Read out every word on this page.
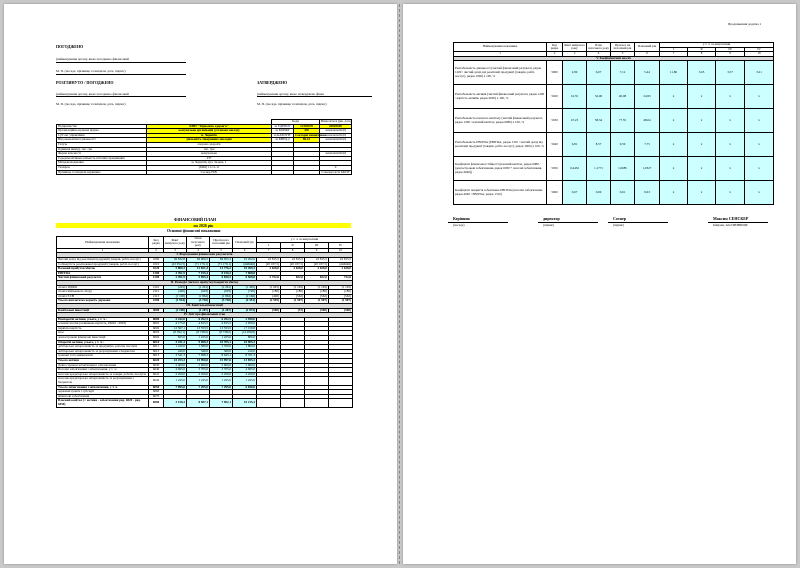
ПОГОДЖЕНО
(найменування органу, якою погоджено фінансовий
М. П. (посада, прізвище та ініціали, дата, підпис)
РОЗГЛЯНУТО / ПОГОДЖЕНО
(найменування органу, якою погоджено фінансовий
М. П. (посада, прізвище та ініціали, дата, підпис)
ЗАТВЕРДЖЕНО
(найменування органу, якою затверджено фінан
М. П. (посада, прізвище та ініціали, дата, підпис)
		Коди		Виноситься (рік, дата)
Підприємство	КНП "Тернопіль здоров'я"	за ЄДРПОУ	12345678	########
Організаційно-правова форма	комунальна організація (установа заклад)	за КОПФГ	430	зазначити КОД
Субʼєкт управління	м. Чернігів	за КАТОТТГ	Секторні визначення	зазначити КОД
Вид економічної діяльності	діяльність лікарняних закладів	за КВЕД-2	86.10	зазначити КОД
Галузь	охорона здоров'я			
Одиниця виміру, тис. грн	тис. грн			
Форма власності	комунальна			зазначити КОД
Середньооблікова кількість штатних працівників	237			
Місцезнаходження	м. Чернігів, вул. Зелена, 1			
Телефон	(0462) 11-11-11			0
Прізвище та ініціали керівника	Соснер Н.В.			Стандарт всіх МОЗУ
ФІНАНСОВИЙ ПЛАН
на 2026 рік
Основні фінансові показники
Найменування показника	Код рядка	Факт минулого року	План поточного року	Прогноз на поточний рік	Плановий рік	у т. ч. за кварталами			
						I	II	III	IV
1	2	3	4	5	6	7	8	9	10
I. Формування фінансових результатів									
Чистий дохід від реалізації продукції (товарів, робіт, послуг)	1000	49 832,8	84 000,5	84 955,3	91 262,0	22 815,5	22 815,5	22 815,5	22 815,5
Собівартість реалізованої продукції (товарів, робіт, послуг)	1010	(43 952,5)	(71 179,1)	(71 179,1)	(######)	(20 187,5)	(20 187,5)	(20 187,5)	(######)
Валовий прибуток/збиток	1020	5 880,3	12 821,4	13 776,2	10 499,3	2 628,0	2 628,0	2 628,0	2 628,0
EBITDA	1300	3 391,9	7 195,4	8 150,2	7 068,8				
Чистий фінансовий результат	1200	2 491,9	5 695,4	6 650,2	6 568,8	2 722,6	822,6	822,6	722,6
II. Розподіл чистого прибутку/покриття збитку									
сплата ПДФО	2110	(245)	(1 261)	(1 261)	(1 465)	(1 925)	(1 165)	(1 165)	(1 165)
сплата військового збору	2112	(420)	(603)	(603)	(720)	(180)	(180)	(180)	(180)
сплата ЄСВ	2113	(1 100)	(1 862)	(1 862)	(2 166)	(490)	(562)	(562)	(562)
Усього виплати на користь держави	2200	(1 924)	(3 740)	(3 740)	(4 351)	(2 595)	(1 907)	(1 907)	(1 907)
III. Капітальні інвестиції									
Капітальні інвестиції	4000	(1 190)	(1 267)	(1 267)	(1 072)	(500)	(72)	(500)	(500)
IV. Звіт про фінансовий стан									
Необоротні активи, усього, у т. ч.:	6000	5 242,0	6 292,5	6 292,5	2 950,0				
основні засоби (залишкова вартість, ≠6002 - 6003)	6001	4 175,0	4 815,5	4 815,5	2 950,0				
первісна вартість	6002	12 567,1	13 553,5	13 553,5	17 159,8				
знос	6003	(8 392,1)	(8 738,0)	(8 738,0)	(14 209,8)				
довгострокові фінансові інвестиції	6004	825,0	1 225,0	1 225,0	806,0				
Оборотні активи, усього, у т. ч.:	6010	5 011,3	9 698,3	10 705,1	10 905,3				
дебіторська заборгованість за продукцію, роботи, послуги	6011	1 220,0	1 580,0	1 700,0	1 800,0				
дебіторська заборгованість за розрахунками з бюджетом	6012	240,0	340,0	360,0	410,0				
грошові та їх еквіваленти	6013	3 541,3	7 698,3	8 645,1	8 701,3				
Усього активи	6020	10 253,3	15 990,8	15 997,6	13 855,3				
Довгострокові зобов'язання і забезпечення	6030	2 400,0	5 600,0	5 600,0	5 600,0				
Поточні зобов'язання і забезпечення, у т. ч.:	6040	4 695,0	3 705,0	3 705,0	4 695,0				
поточна кредиторська заборгованість за товари, роботи, послуги	6041	2 450,0	2 450,0	2 450,0	2 450,0				
поточна кредиторська заборгованість за розрахунками з бюджетом	6042	1 245,0	1 245,0	1 245,0	1 245,0				
Усього зобов'язання і забезпечення, у т. ч.	6050	7 095,0	7 295,0	7 295,0	6 650,0				
державні гранти і субсидії	6060								
фінансові зобов'язання	6070								
Власний капітал (= активи - зобов'язання ряд. 6020 - ряд. 6050)	6080	3 158,3	8 587,1	7 902,1	10 215,3				
Продовження додатка 1
Найменування показника	Код рядка	Факт минулого року	План поточного року	Прогноз на поточний рік	Плановий рік	у т. ч. за кварталами			
						I	II	III	IV
1	2	3	4	5	6	7	8	9	10
V. Коефіцієнтний аналіз									
Рентабельність діяльності (чистий фінансовий результат, рядок 1200 / чистий дохід від реалізації продукції (товарів, робіт, послуг), рядок 1000) х 100, %	5000	2,99	6,07	7,12	5,44	11,86	3,65	3,57	3,21
Рентабельність активів (чистий фінансовий результат, рядок 1200 / вартість активів, рядок 6020) х 100, %	5020	16,55	32,00	40,08	24,95	x	x	x	x
Рентабельність власного капіталу (чистий фінансовий результат, рядок 1200 / власний капітал, рядок 6080) х 100, %	5030	47,23	58,34	77,55	48,64	x	x	x	x
Рентабельність EBITDA (EBITDA, рядок 1310 / чистий дохід від реалізації продукції (товарів, робіт, послуг), рядок 1000) х 100, %	5040	6,81	8,57	9,59	7,75	x	x	x	x
Коефіцієнт фінансової стійкості (власний капітал, рядок 6080 / (довгострокові зобов'язання, рядок 6030 + поточні зобов'язання, рядок 6040))	5050	0,4432	1,1771	1,0685	1,0327	x	x	x	x
Коефіцієнт покриття зобов'язань EBITDA (поточні зобов'язання, рядок 6040 / EBITDA, рядок 1310)	5060	0,67	0,69	0,61	0,63	x	x	x	x
Керівник
(посада)
директор
(підпис)
Соснер
(підпис)
Максим СЕНСКЕР
Ініціали, ім'я ПРІЗВИЩЕ
